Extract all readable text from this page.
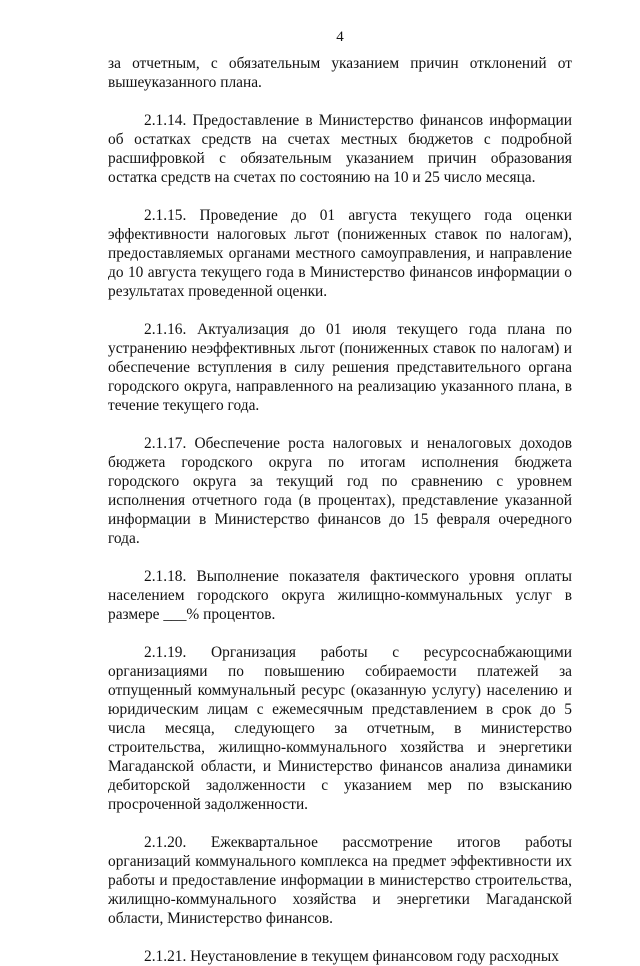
4

за отчетным, с обязательным указанием причин отклонений от вышеуказанного плана.

2.1.14. Предоставление в Министерство финансов информации об остатках средств на счетах местных бюджетов с подробной расшифровкой с обязательным указанием причин образования остатка средств на счетах по состоянию на 10 и 25 число месяца.

2.1.15. Проведение до 01 августа текущего года оценки эффективности налоговых льгот (пониженных ставок по налогам), предоставляемых органами местного самоуправления, и направление до 10 августа текущего года в Министерство финансов информации о результатах проведенной оценки.

2.1.16. Актуализация до 01 июля текущего года плана по устранению неэффективных льгот (пониженных ставок по налогам) и обеспечение вступления в силу решения представительного органа городского округа, направленного на реализацию указанного плана, в течение текущего года.

2.1.17. Обеспечение роста налоговых и неналоговых доходов бюджета городского округа по итогам исполнения бюджета городского округа за текущий год по сравнению с уровнем исполнения отчетного года (в процентах), представление указанной информации в Министерство финансов до 15 февраля очередного года.

2.1.18. Выполнение показателя фактического уровня оплаты населением городского округа жилищно-коммунальных услуг в размере ___% процентов.

2.1.19. Организация работы с ресурсоснабжающими организациями по повышению собираемости платежей за отпущенный коммунальный ресурс (оказанную услугу) населению и юридическим лицам с ежемесячным представлением в срок до 5 числа месяца, следующего за отчетным, в министерство строительства, жилищно-коммунального хозяйства и энергетики Магаданской области, и Министерство финансов анализа динамики дебиторской задолженности с указанием мер по взысканию просроченной задолженности.

2.1.20. Ежеквартальное рассмотрение итогов работы организаций коммунального комплекса на предмет эффективности их работы и предоставление информации в министерство строительства, жилищно-коммунального хозяйства и энергетики Магаданской области, Министерство финансов.

2.1.21. Неустановление в текущем финансовом году расходных
